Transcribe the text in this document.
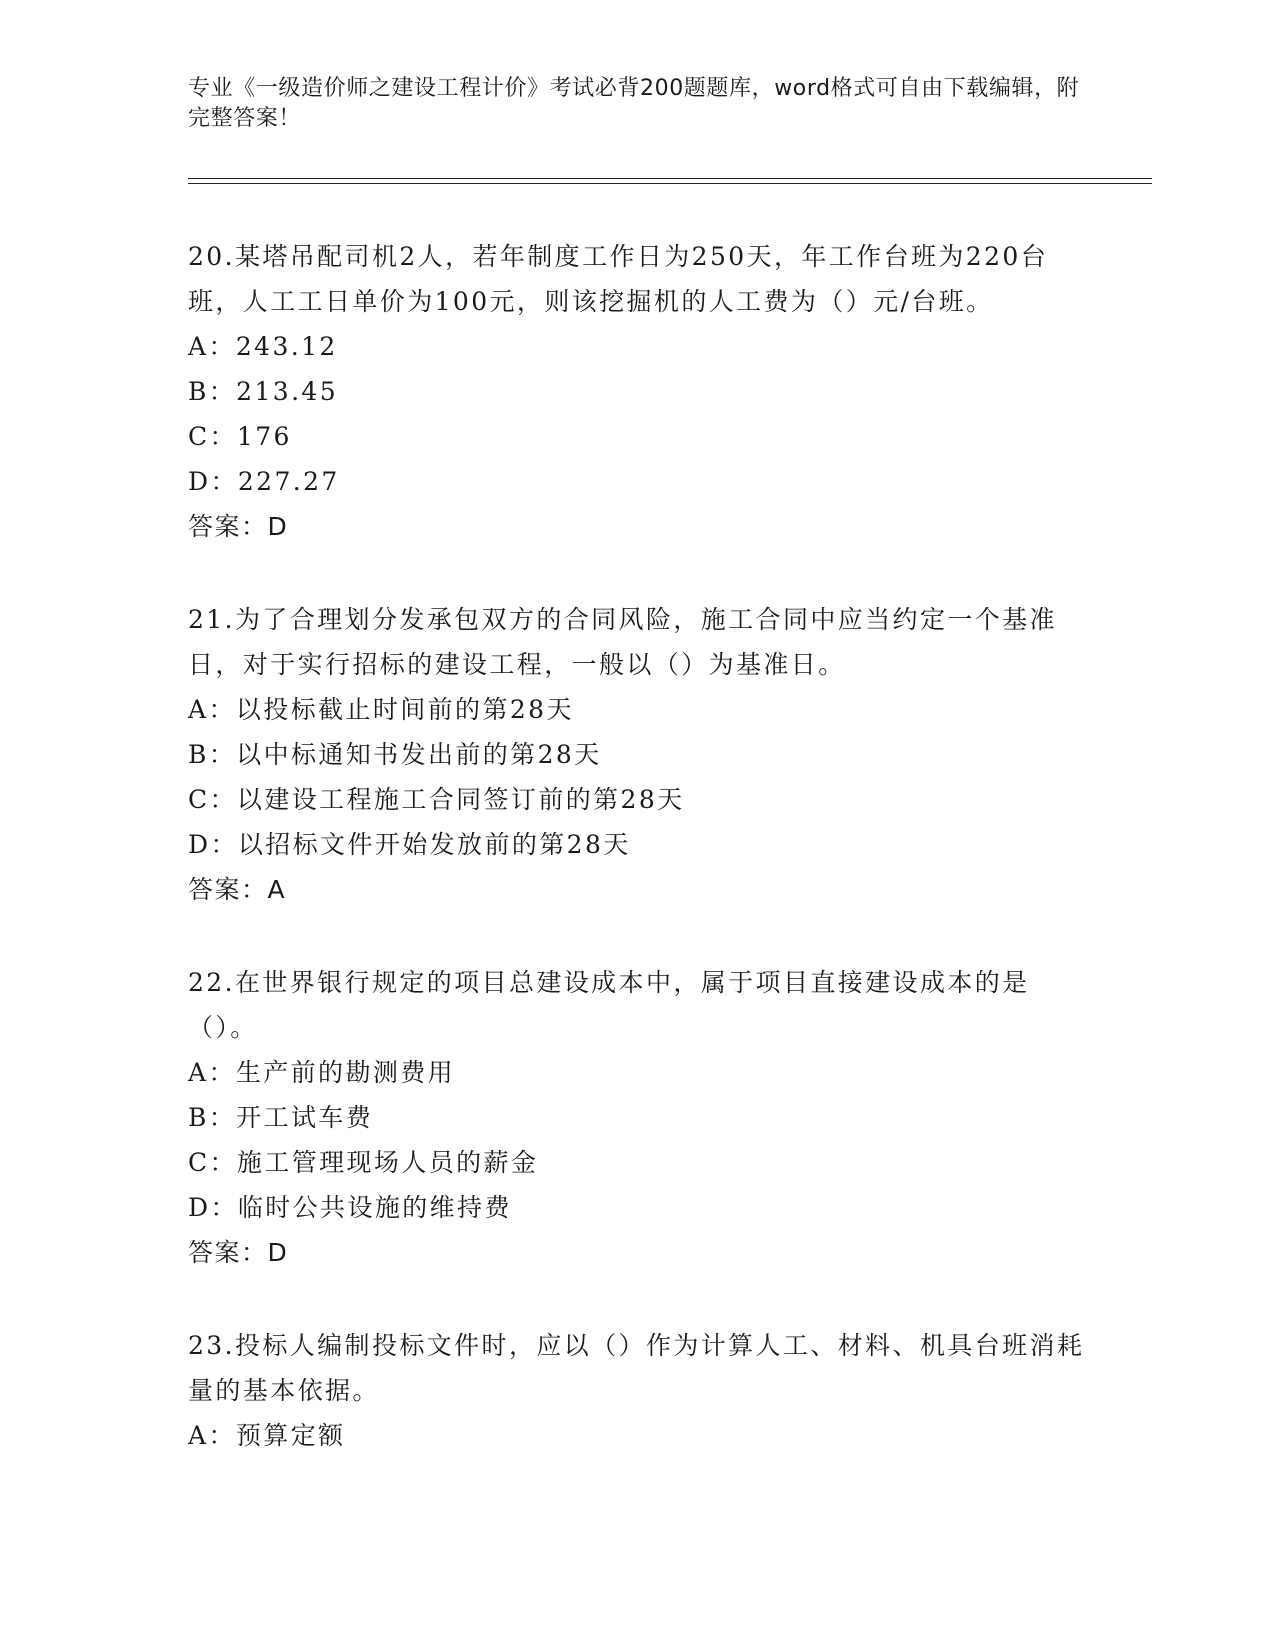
专业《一级造价师之建设工程计价》考试必背200题题库，word格式可自由下载编辑，附完整答案！
20.某塔吊配司机2人，若年制度工作日为250天，年工作台班为220台班，人工工日单价为100元，则该挖掘机的人工费为（）元/台班。
A：243.12
B：213.45
C：176
D：227.27
答案：D
21.为了合理划分发承包双方的合同风险，施工合同中应当约定一个基准日，对于实行招标的建设工程，一般以（）为基准日。
A：以投标截止时间前的第28天
B：以中标通知书发出前的第28天
C：以建设工程施工合同签订前的第28天
D：以招标文件开始发放前的第28天
答案：A
22.在世界银行规定的项目总建设成本中，属于项目直接建设成本的是（）。
A：生产前的勘测费用
B：开工试车费
C：施工管理现场人员的薪金
D：临时公共设施的维持费
答案：D
23.投标人编制投标文件时，应以（）作为计算人工、材料、机具台班消耗量的基本依据。
A：预算定额
